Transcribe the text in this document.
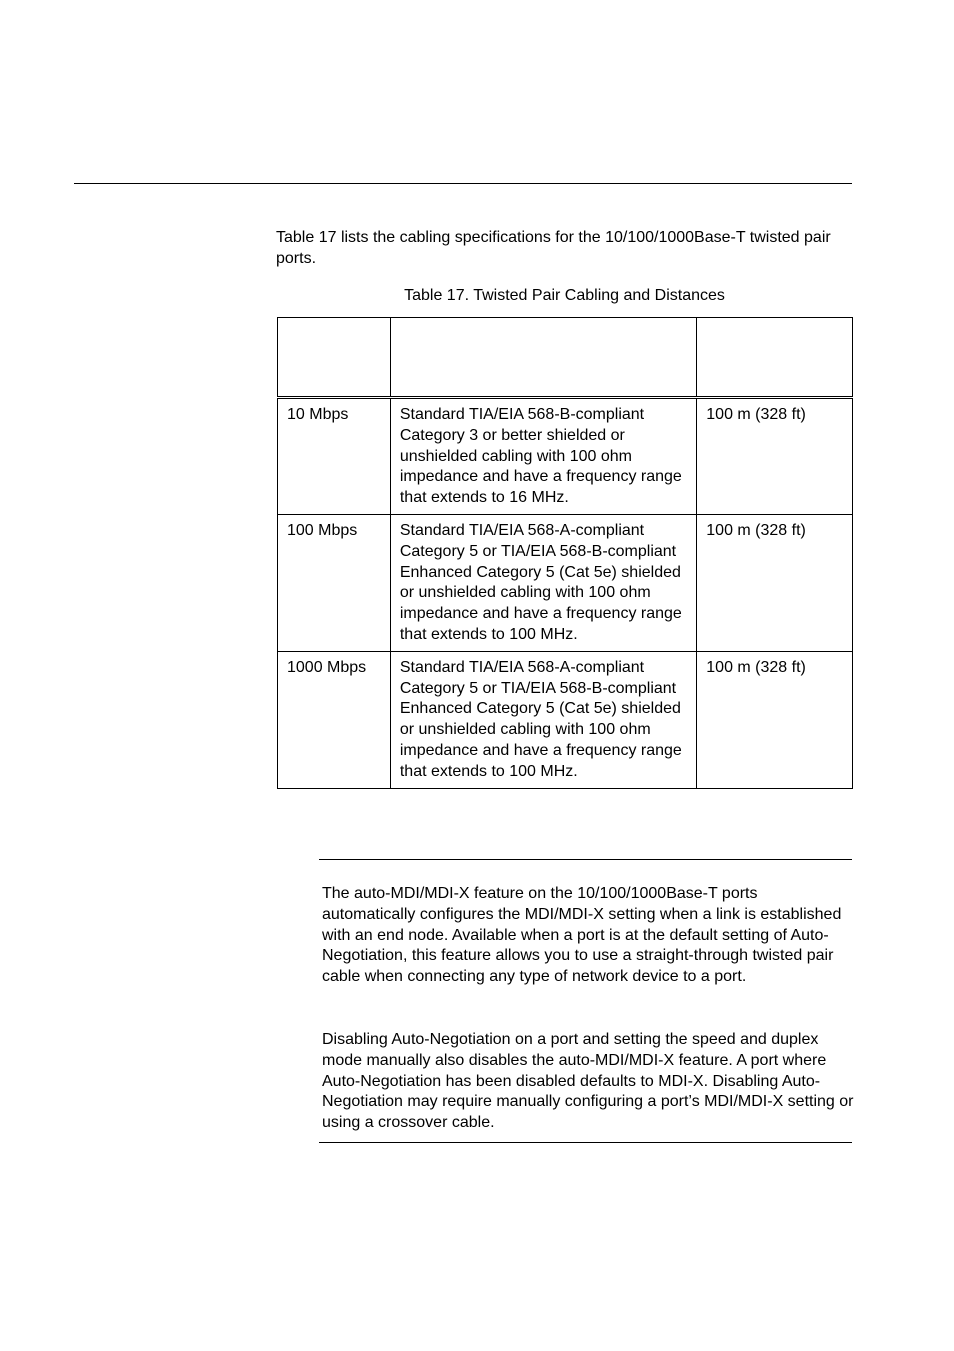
Table 17 lists the cabling specifications for the 10/100/1000Base-T twisted pair ports.

Table 17. Twisted Pair Cabling and Distances

10 Mbps	Standard TIA/EIA 568-B-compliant Category 3 or better shielded or unshielded cabling with 100 ohm impedance and have a frequency range that extends to 16 MHz.	100 m (328 ft)
100 Mbps	Standard TIA/EIA 568-A-compliant Category 5 or TIA/EIA 568-B-compliant Enhanced Category 5 (Cat 5e) shielded or unshielded cabling with 100 ohm impedance and have a frequency range that extends to 100 MHz.	100 m (328 ft)
1000 Mbps	Standard TIA/EIA 568-A-compliant Category 5 or TIA/EIA 568-B-compliant Enhanced Category 5 (Cat 5e) shielded or unshielded cabling with 100 ohm impedance and have a frequency range that extends to 100 MHz.	100 m (328 ft)

The auto-MDI/MDI-X feature on the 10/100/1000Base-T ports automatically configures the MDI/MDI-X setting when a link is established with an end node. Available when a port is at the default setting of Auto-Negotiation, this feature allows you to use a straight-through twisted pair cable when connecting any type of network device to a port.

Disabling Auto-Negotiation on a port and setting the speed and duplex mode manually also disables the auto-MDI/MDI-X feature. A port where Auto-Negotiation has been disabled defaults to MDI-X. Disabling Auto-Negotiation may require manually configuring a port’s MDI/MDI-X setting or using a crossover cable.
